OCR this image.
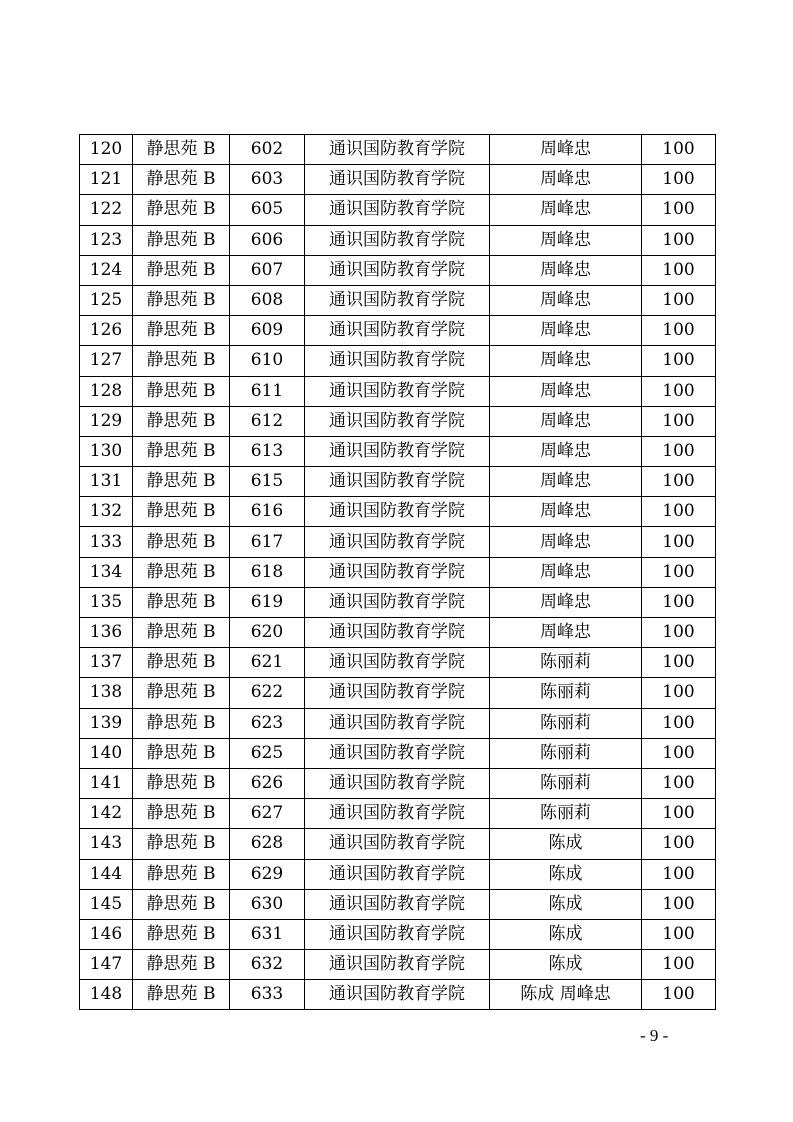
120	静思苑 B	602	通识国防教育学院	周峰忠	100
121	静思苑 B	603	通识国防教育学院	周峰忠	100
122	静思苑 B	605	通识国防教育学院	周峰忠	100
123	静思苑 B	606	通识国防教育学院	周峰忠	100
124	静思苑 B	607	通识国防教育学院	周峰忠	100
125	静思苑 B	608	通识国防教育学院	周峰忠	100
126	静思苑 B	609	通识国防教育学院	周峰忠	100
127	静思苑 B	610	通识国防教育学院	周峰忠	100
128	静思苑 B	611	通识国防教育学院	周峰忠	100
129	静思苑 B	612	通识国防教育学院	周峰忠	100
130	静思苑 B	613	通识国防教育学院	周峰忠	100
131	静思苑 B	615	通识国防教育学院	周峰忠	100
132	静思苑 B	616	通识国防教育学院	周峰忠	100
133	静思苑 B	617	通识国防教育学院	周峰忠	100
134	静思苑 B	618	通识国防教育学院	周峰忠	100
135	静思苑 B	619	通识国防教育学院	周峰忠	100
136	静思苑 B	620	通识国防教育学院	周峰忠	100
137	静思苑 B	621	通识国防教育学院	陈丽莉	100
138	静思苑 B	622	通识国防教育学院	陈丽莉	100
139	静思苑 B	623	通识国防教育学院	陈丽莉	100
140	静思苑 B	625	通识国防教育学院	陈丽莉	100
141	静思苑 B	626	通识国防教育学院	陈丽莉	100
142	静思苑 B	627	通识国防教育学院	陈丽莉	100
143	静思苑 B	628	通识国防教育学院	陈成	100
144	静思苑 B	629	通识国防教育学院	陈成	100
145	静思苑 B	630	通识国防教育学院	陈成	100
146	静思苑 B	631	通识国防教育学院	陈成	100
147	静思苑 B	632	通识国防教育学院	陈成	100
148	静思苑 B	633	通识国防教育学院	陈成 周峰忠	100
- 9 -
